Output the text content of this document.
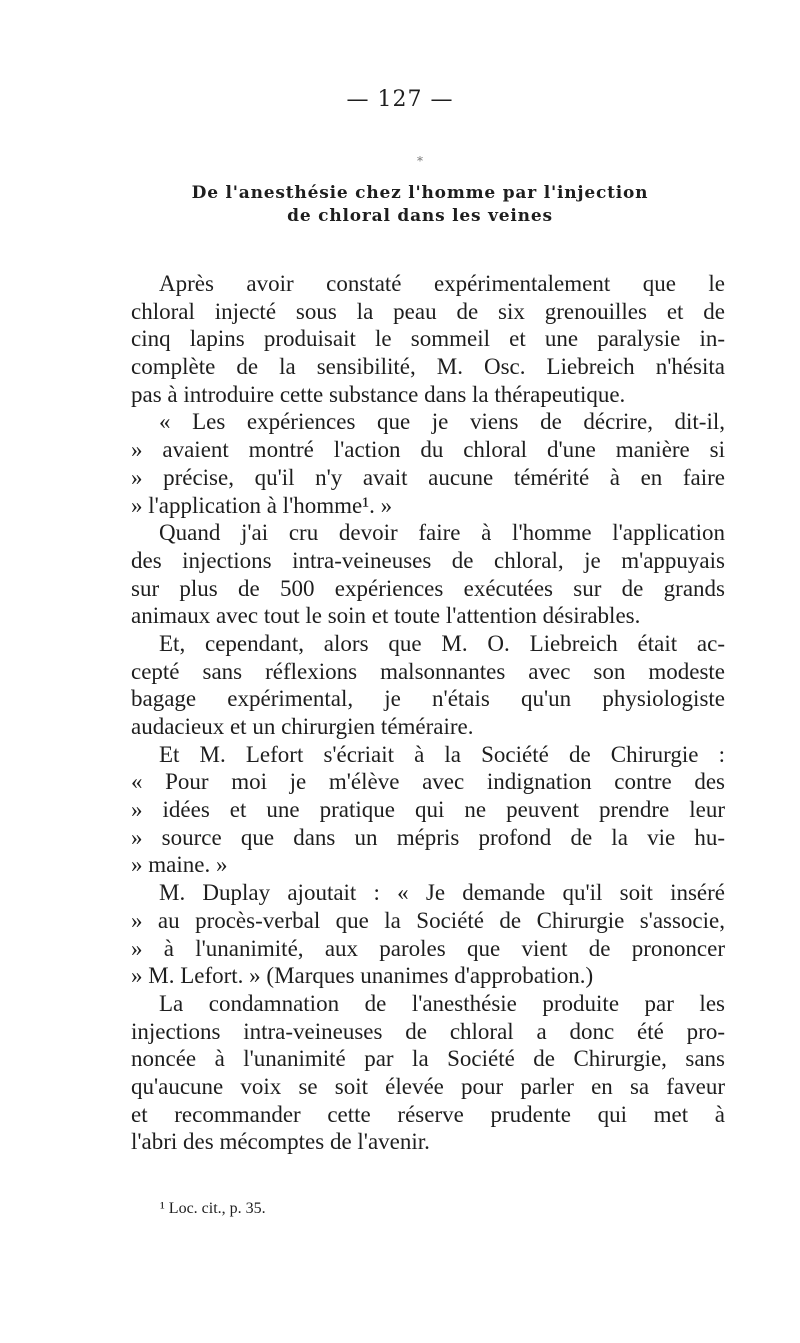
— 127 —
*
De l'anesthésie chez l'homme par l'injection
de chloral dans les veines
Après avoir constaté expérimentalement que le
chloral injecté sous la peau de six grenouilles et de
cinq lapins produisait le sommeil et une paralysie in-
complète de la sensibilité, M. Osc. Liebreich n'hésita
pas à introduire cette substance dans la thérapeutique.
« Les expériences que je viens de décrire, dit-il,
» avaient montré l'action du chloral d'une manière si
» précise, qu'il n'y avait aucune témérité à en faire
» l'application à l'homme¹. »
Quand j'ai cru devoir faire à l'homme l'application
des injections intra-veineuses de chloral, je m'appuyais
sur plus de 500 expériences exécutées sur de grands
animaux avec tout le soin et toute l'attention désirables.
Et, cependant, alors que M. O. Liebreich était ac-
cepté sans réflexions malsonnantes avec son modeste
bagage expérimental, je n'étais qu'un physiologiste
audacieux et un chirurgien téméraire.
Et M. Lefort s'écriait à la Société de Chirurgie :
« Pour moi je m'élève avec indignation contre des
» idées et une pratique qui ne peuvent prendre leur
» source que dans un mépris profond de la vie hu-
» maine. »
M. Duplay ajoutait : « Je demande qu'il soit inséré
» au procès-verbal que la Société de Chirurgie s'associe,
» à l'unanimité, aux paroles que vient de prononcer
» M. Lefort. » (Marques unanimes d'approbation.)
La condamnation de l'anesthésie produite par les
injections intra-veineuses de chloral a donc été pro-
noncée à l'unanimité par la Société de Chirurgie, sans
qu'aucune voix se soit élevée pour parler en sa faveur
et recommander cette réserve prudente qui met à
l'abri des mécomptes de l'avenir.
¹ Loc. cit., p. 35.
